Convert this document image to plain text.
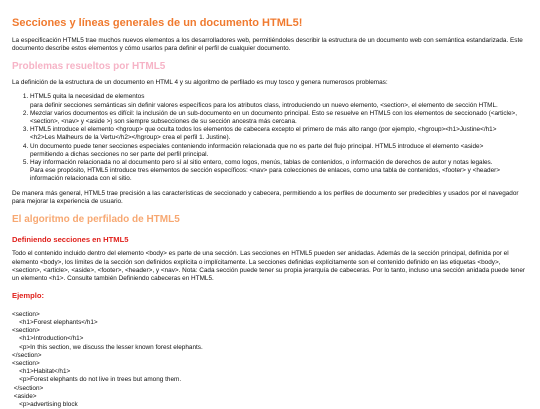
Secciones y líneas generales de un documento HTML5!

La especificación HTML5 trae muchos nuevos elementos a los desarrolladores web, permitiéndoles describir la estructura de un documento web con semántica estandarizada. Este documento describe estos elementos y cómo usarlos para definir el perfil de cualquier documento.

Problemas resueltos por HTML5

La definición de la estructura de un documento en HTML 4 y su algoritmo de perfilado es muy tosco y genera numerosos problemas:

1. HTML5 quita la necesidad de elementos
para definir secciones semánticas sin definir valores específicos para los atributos class, introduciendo un nuevo elemento, <section>, el elemento de sección HTML.
2. Mezclar varios documentos es difícil: la inclusión de un sub-documento en un documento principal. Esto se resuelve en HTML5 con los elementos de seccionado (<article>, <section>, <nav> y <aside >) son siempre subsecciones de su sección ancestra más cercana.
3. HTML5 introduce el elemento <hgroup> que oculta todos los elementos de cabecera excepto el primero de más alto rango (por ejemplo, <hgroup><h1>Justine</h1>
<h2>Les Malheurs de la Vertu</h2></hgroup> crea el perfil 1. Justine).
4. Un documento puede tener secciones especiales conteniendo información relacionada que no es parte del flujo principal. HTML5 introduce el elemento <aside>
permitiendo a dichas secciones no ser parte del perfil principal.
5. Hay información relacionada no al documento pero sí al sitio entero, como logos, menús, tablas de contenidos, o información de derechos de autor y notas legales.
Para ese propósito, HTML5 introduce tres elementos de sección específicos: <nav> para colecciones de enlaces, como una tabla de contenidos, <footer> y <header>
información relacionada con el sitio.

De manera más general, HTML5 trae precisión a las características de seccionado y cabecera, permitiendo a los perfiles de documento ser predecibles y usados por el navegador para mejorar la experiencia de usuario.

El algoritmo de perfilado de HTML5
Definiendo secciones en HTML5

Todo el contenido incluido dentro del elemento <body> es parte de una sección. Las secciones en HTML5 pueden ser anidadas. Además de la sección principal, definida por el elemento <body>, los límites de la sección son definidos explícita o implícitamente. La secciones definidas explícitamente son el contenido definido en las etiquetas <body>, <section>, <article>, <aside>, <footer>, <header>, y <nav>. Nota: Cada sección puede tener su propia jerarquía de cabeceras. Por lo tanto, incluso una sección anidada puede tener un elemento <h1>. Consulte también Definiendo cabeceras en HTML5.

Ejemplo:
<section>
<h1>Forest elephants</h1>
<section>
<h1>Introduction</h1>
<p>In this section, we discuss the lesser known forest elephants.
</section>
<section>
<h1>Habitat</h1>
<p>Forest elephants do not live in trees but among them.
</section>
<aside>
<p>advertising block
